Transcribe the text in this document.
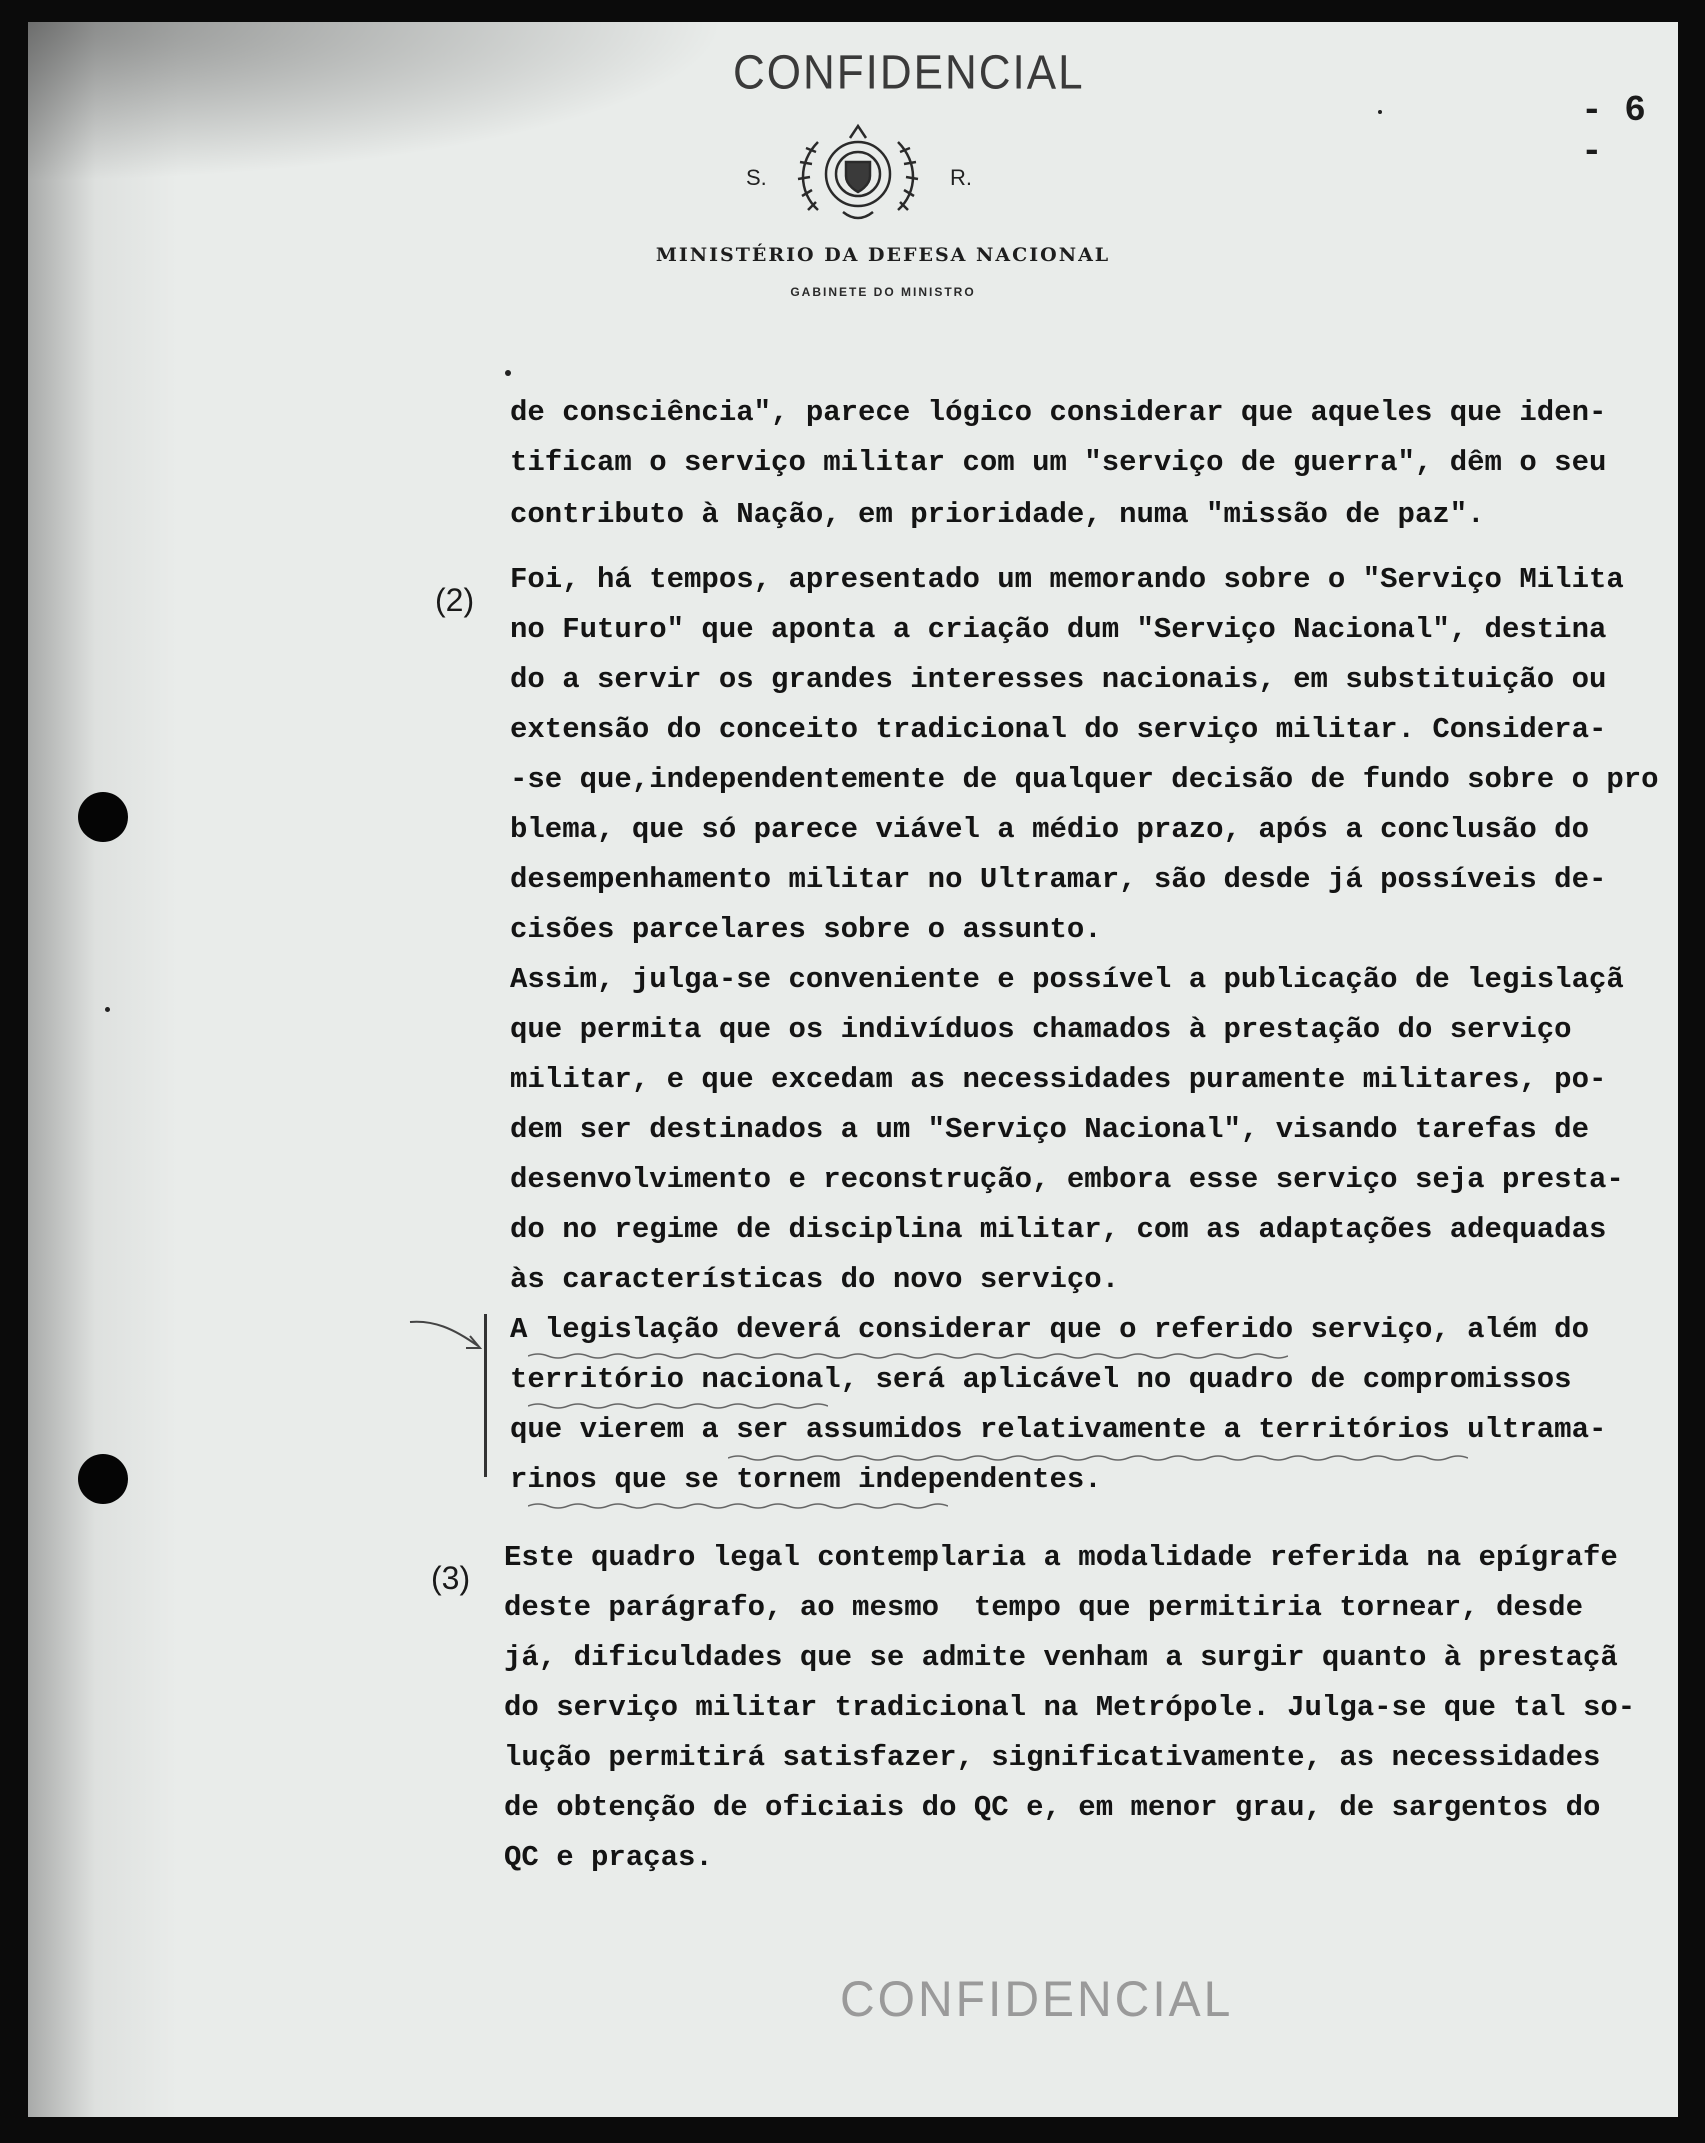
CONFIDENCIAL
- 6 -
S.	R.
MINISTÉRIO DA DEFESA NACIONAL
GABINETE DO MINISTRO
(2)
(3)
de consciência", parece lógico considerar que aqueles que iden-
tificam o serviço militar com um "serviço de guerra", dêm o seu
contributo à Nação, em prioridade, numa "missão de paz".
Foi, há tempos, apresentado um memorando sobre o "Serviço Milita
no Futuro" que aponta a criação dum "Serviço Nacional", destina
do a servir os grandes interesses nacionais, em substituição ou
extensão do conceito tradicional do serviço militar. Considera-
-se que,independentemente de qualquer decisão de fundo sobre o pro
blema, que só parece viável a médio prazo, após a conclusão do
desempenhamento militar no Ultramar, são desde já possíveis de-
cisões parcelares sobre o assunto.
Assim, julga-se conveniente e possível a publicação de legislaçã
que permita que os indivíduos chamados à prestação do serviço
militar, e que excedam as necessidades puramente militares, po-
dem ser destinados a um "Serviço Nacional", visando tarefas de
desenvolvimento e reconstrução, embora esse serviço seja presta-
do no regime de disciplina militar, com as adaptações adequadas
às características do novo serviço.
A legislação deverá considerar que o referido serviço, além do
território nacional, será aplicável no quadro de compromissos
que vierem a ser assumidos relativamente a territórios ultrama-
rinos que se tornem independentes.
Este quadro legal contemplaria a modalidade referida na epígrafe
deste parágrafo, ao mesmo  tempo que permitiria tornear, desde
já, dificuldades que se admite venham a surgir quanto à prestaçã
do serviço militar tradicional na Metrópole. Julga-se que tal so-
lução permitirá satisfazer, significativamente, as necessidades
de obtenção de oficiais do QC e, em menor grau, de sargentos do
QC e praças.
CONFIDENCIAL
